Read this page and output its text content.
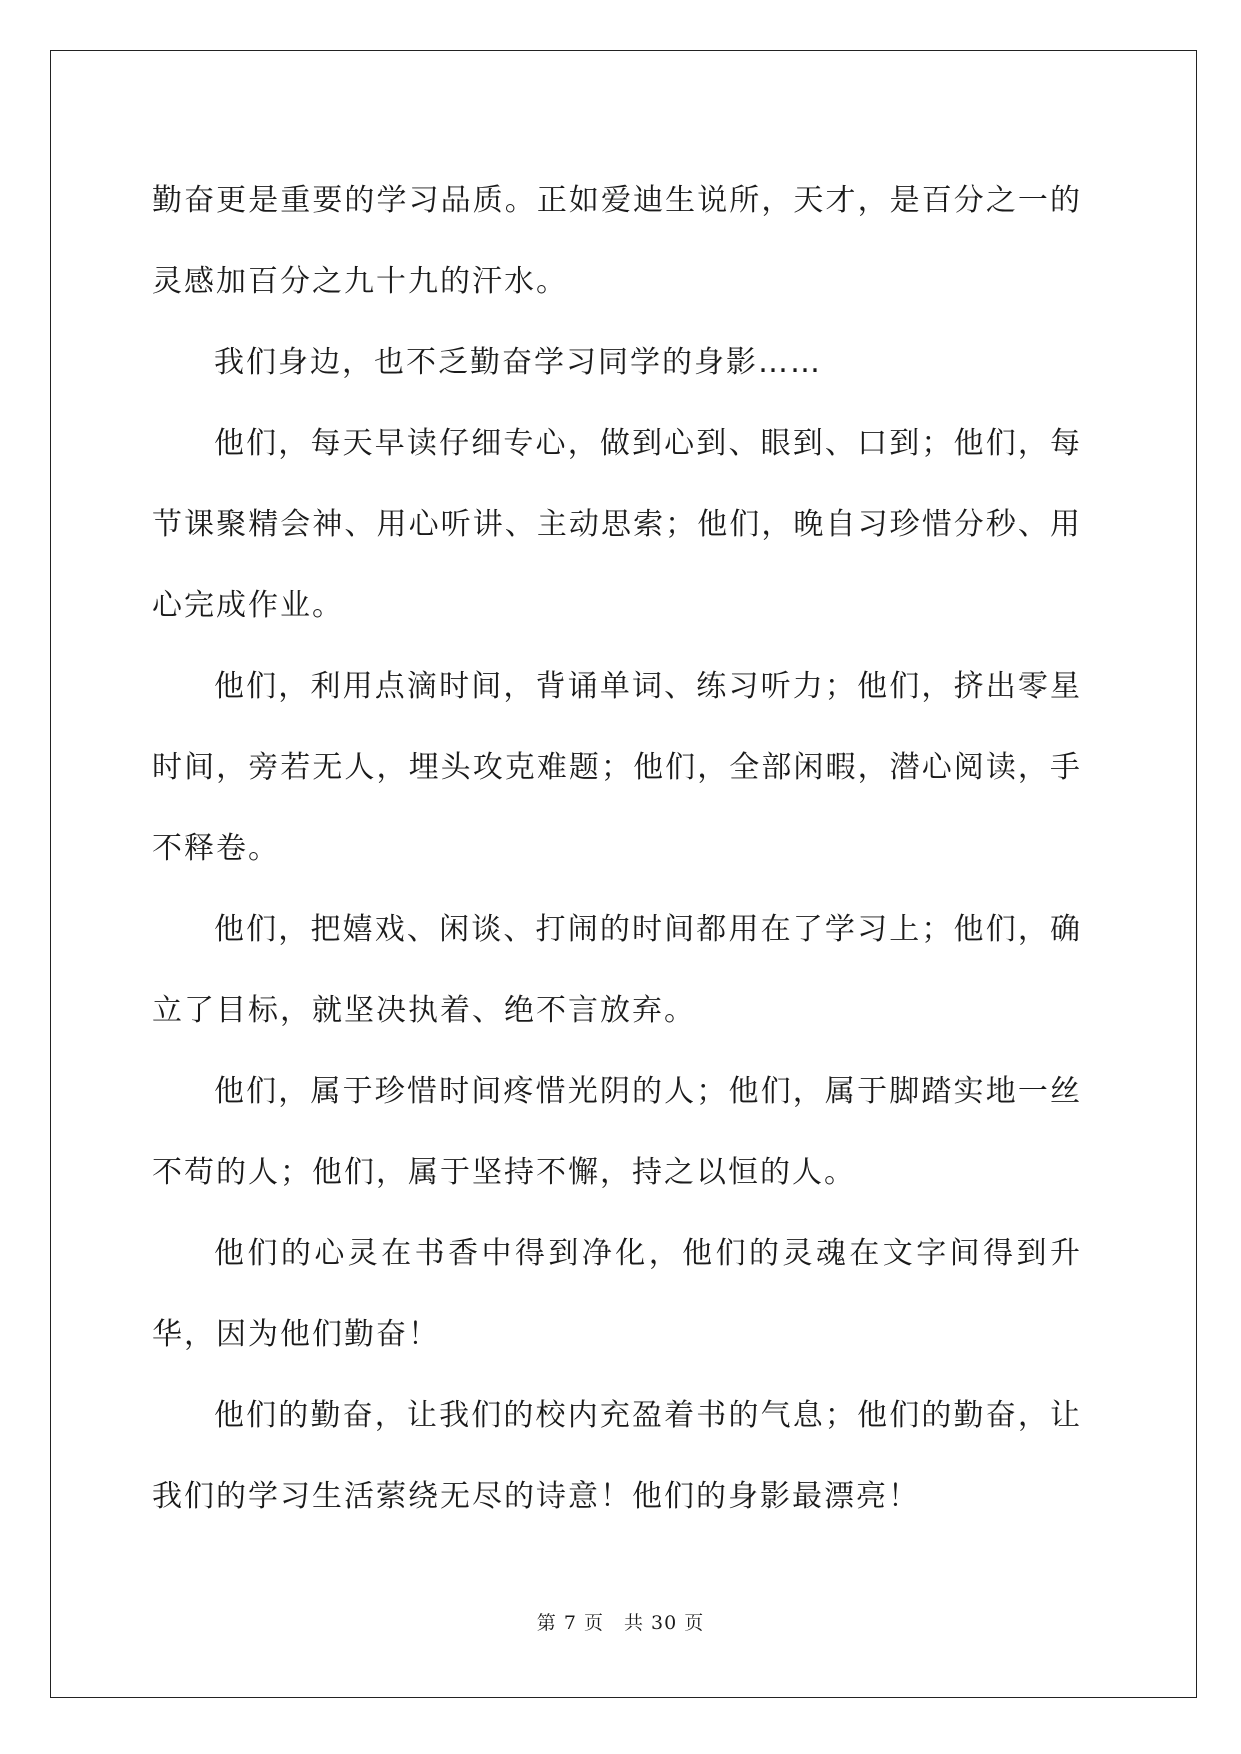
勤奋更是重要的学习品质。正如爱迪生说所，天才，是百分之一的灵感加百分之九十九的汗水。

我们身边，也不乏勤奋学习同学的身影……

他们，每天早读仔细专心，做到心到、眼到、口到；他们，每节课聚精会神、用心听讲、主动思索；他们，晚自习珍惜分秒、用心完成作业。

他们，利用点滴时间，背诵单词、练习听力；他们，挤出零星时间，旁若无人，埋头攻克难题；他们，全部闲暇，潜心阅读，手不释卷。

他们，把嬉戏、闲谈、打闹的时间都用在了学习上；他们，确立了目标，就坚决执着、绝不言放弃。

他们，属于珍惜时间疼惜光阴的人；他们，属于脚踏实地一丝不苟的人；他们，属于坚持不懈，持之以恒的人。

他们的心灵在书香中得到净化，他们的灵魂在文字间得到升华，因为他们勤奋！

他们的勤奋，让我们的校内充盈着书的气息；他们的勤奋，让我们的学习生活萦绕无尽的诗意！他们的身影最漂亮！

第 7 页　共 30 页
